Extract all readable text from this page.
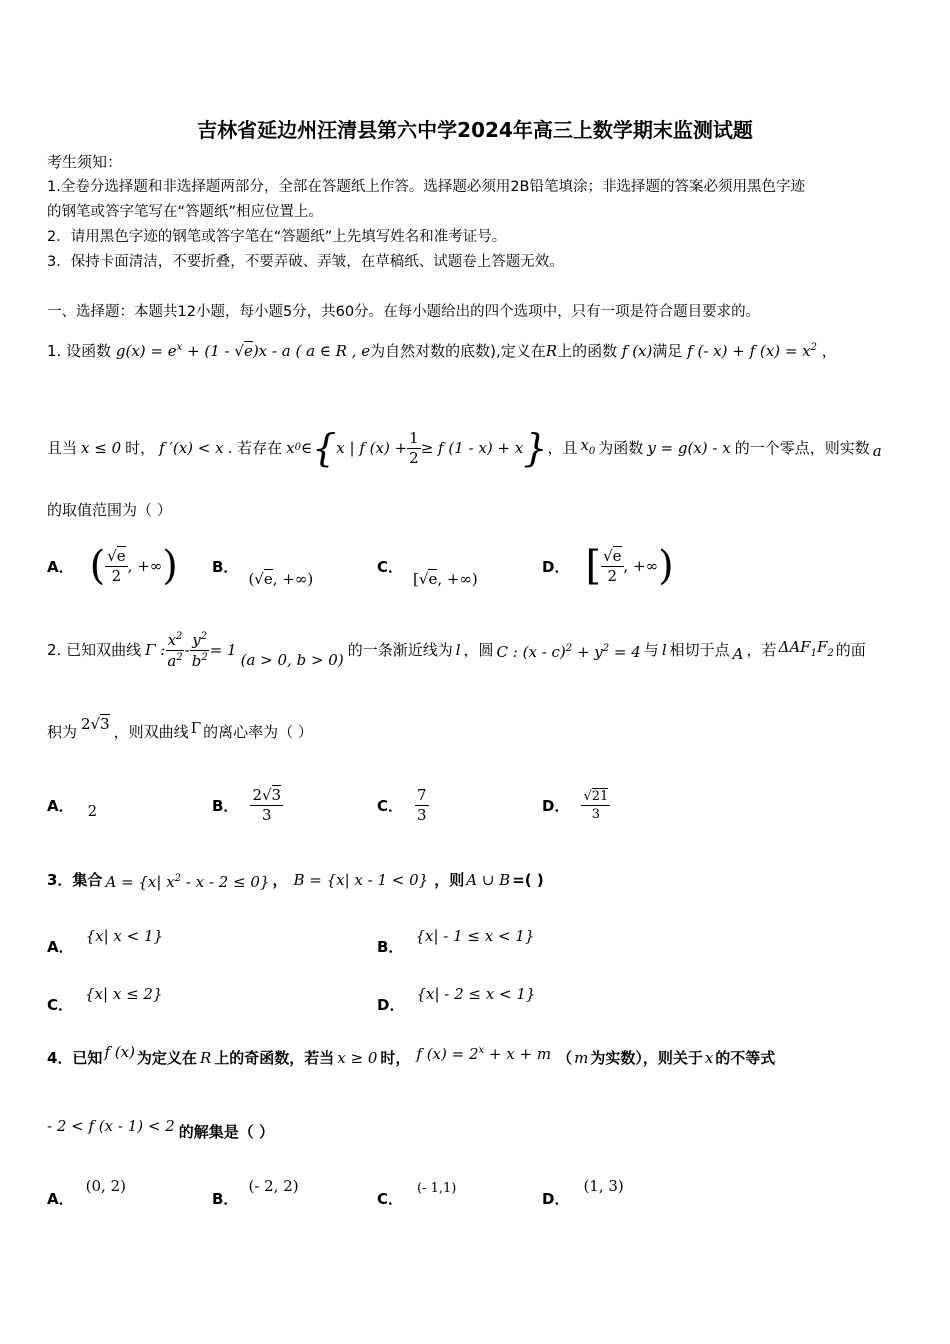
吉林省延边州汪清县第六中学2024年高三上数学期末监测试题
考生须知：
1.全卷分选择题和非选择题两部分，全部在答题纸上作答。选择题必须用2B铅笔填涂；非选择题的答案必须用黑色字迹
的钢笔或答字笔写在“答题纸”相应位置上。
2．请用黑色字迹的钢笔或答字笔在“答题纸”上先填写姓名和准考证号。
3．保持卡面清洁，不要折叠，不要弄破、弄皱，在草稿纸、试题卷上答题无效。
一、选择题：本题共12小题，每小题5分，共60分。在每小题给出的四个选项中，只有一项是符合题目要求的。
1. 设函数 $g(x) = e^x + (1 - √e)x - a$ ( a ∈ R , e为自然对数的底数),定义在R上的函数 f (x)满足 f (- x) + f $(x) = x^2$ ，
且当 x ≤ 0 时， f ′(x) < x . 若存在 x 0 ∈ { x | f $(x) + \frac{1}{2} \ge f$ (1 - x) + x } ，且 $x_0$ 为函数 y = g(x) - x 的一个零点，则实数 a
的取值范围为（ ）
A． ( $\frac{√e}{2}$ , +∞ ) B．
(√e, +∞)
C．
[√e, +∞)
D． [ $\frac{√e}{2}$ , +∞ )
2. 已知双曲线 Γ : $\frac{x^2}{a^2} - \frac{y^2}{b^2} = 1$
(a > 0, b > 0)
的一条渐近线为 l ，圆 C : $(x - c)^2 + y^2 = 4$ 与 l 相切于点 A ，若 $\Delta AF_1F_2$ 的面
积为 2√3 ，则双曲线 Γ 的离心率为（ ）
A． 2	B． $\frac{2√3}{3}$	C． $\frac{7}{3}$	D． $\frac{√21}{3}$
3．集合 A = {x| $x^2 - x - 2 \le 0$} ， B = {x| x - 1 < 0} ，则 A ∪ B =( )
A．
{x| x < 1}
B．
{x| - 1 ≤ x < 1}
C．
{x| x ≤ 2}
D．
{x| - 2 ≤ x < 1}
4．已知 f (x) 为定义在 R 上的奇函数，若当 x ≥ 0 时， f $(x) = 2^x + x + m$ （ m 为实数），则关于 x 的不等式
- 2 < f (x - 1) < 2 的解集是（ ）
A．
(0, 2)
B．
(- 2, 2)
C．
(- 1,1)
D．
(1, 3)
